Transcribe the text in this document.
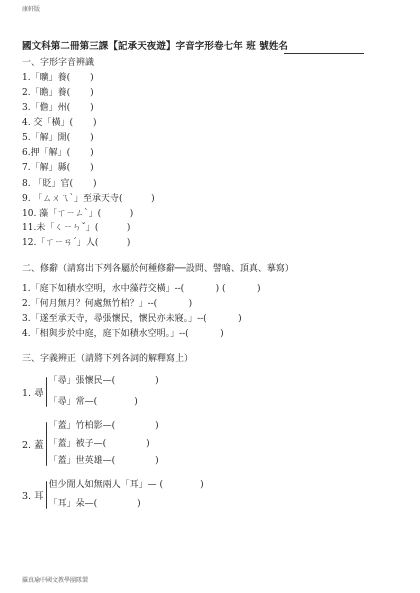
康軒版
國文科第二冊第三課【記承天夜遊】字音字形卷七年 班 號姓名
一、字形字音辨識
1.「曠」養(       )
2.「瞻」養(       )
3.「儋」州(       )
4. 交「橫」(       )
5.「解」開(       )
6.押「解」(       )
7.「解」縣(       )
8. 「貶」官(       )
9. 「ㄙㄨㄟˋ」至承天寺(          )
10. 藻「ㄒㄧㄥˋ」(          )
11.未「ㄑㄧㄣˇ」(          )
12.「ㄒㄧㄢˊ」人(          )
二、修辭（請寫出下列各屬於何種修辭──設問、譬喻、頂真、摹寫）
1.「庭下如積水空明，水中藻荇交橫」--(           ) (           )
2.「何月無月？何處無竹柏？」--(           )
3.「遂至承天寺，尋張懷民，懷民亦未寢。」--(           )
4.「相與步於中庭，庭下如積水空明。」--(           )
三、字義辨正（請將下列各詞的解釋寫上）
1. 尋
「尋」張懷民—(              )
「尋」常—(             )
2. 蓋
「蓋」竹柏影—(              )
「蓋」被子—(              )
「蓋」世英雄—(              )
3. 耳
但少閒人如無兩人「耳」— (             )
「耳」朵—(              )
羅真瑜中國文教學團隊製
